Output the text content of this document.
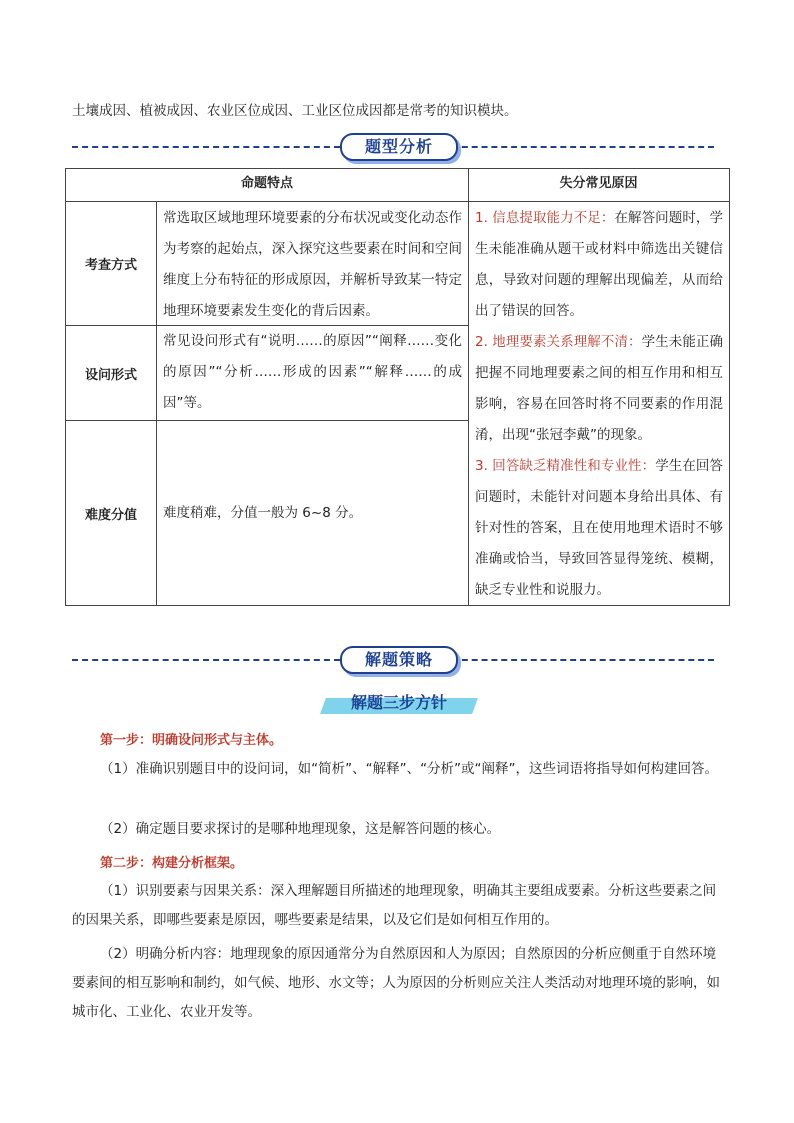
土壤成因、植被成因、农业区位成因、工业区位成因都是常考的知识模块。
题型分析
命题特点	失分常见原因
考查方式
常选取区域地理环境要素的分布状况或变化动态作为考察的起始点，深入探究这些要素在时间和空间维度上分布特征的形成原因，并解析导致某一特定地理环境要素发生变化的背后因素。
设问形式
常见设问形式有“说明……的原因”“阐释……变化的原因”“分析……形成的因素”“解释……的成因”等。
难度分值	难度稍难，分值一般为 6~8 分。
1. 信息提取能力不足：在解答问题时，学生未能准确从题干或材料中筛选出关键信息，导致对问题的理解出现偏差，从而给出了错误的回答。
2. 地理要素关系理解不清：学生未能正确把握不同地理要素之间的相互作用和相互影响，容易在回答时将不同要素的作用混淆，出现“张冠李戴”的现象。
3. 回答缺乏精准性和专业性：学生在回答问题时，未能针对问题本身给出具体、有针对性的答案，且在使用地理术语时不够准确或恰当，导致回答显得笼统、模糊，缺乏专业性和说服力。
解题策略
解题三步方针
第一步：明确设问形式与主体。
（1）准确识别题目中的设问词，如“简析”、“解释”、“分析”或“阐释”，这些词语将指导如何构建回答。
（2）确定题目要求探讨的是哪种地理现象，这是解答问题的核心。
第二步：构建分析框架。
（1）识别要素与因果关系：深入理解题目所描述的地理现象，明确其主要组成要素。分析这些要素之间的因果关系，即哪些要素是原因，哪些要素是结果，以及它们是如何相互作用的。
（2）明确分析内容：地理现象的原因通常分为自然原因和人为原因；自然原因的分析应侧重于自然环境要素间的相互影响和制约，如气候、地形、水文等；人为原因的分析则应关注人类活动对地理环境的影响，如城市化、工业化、农业开发等。
